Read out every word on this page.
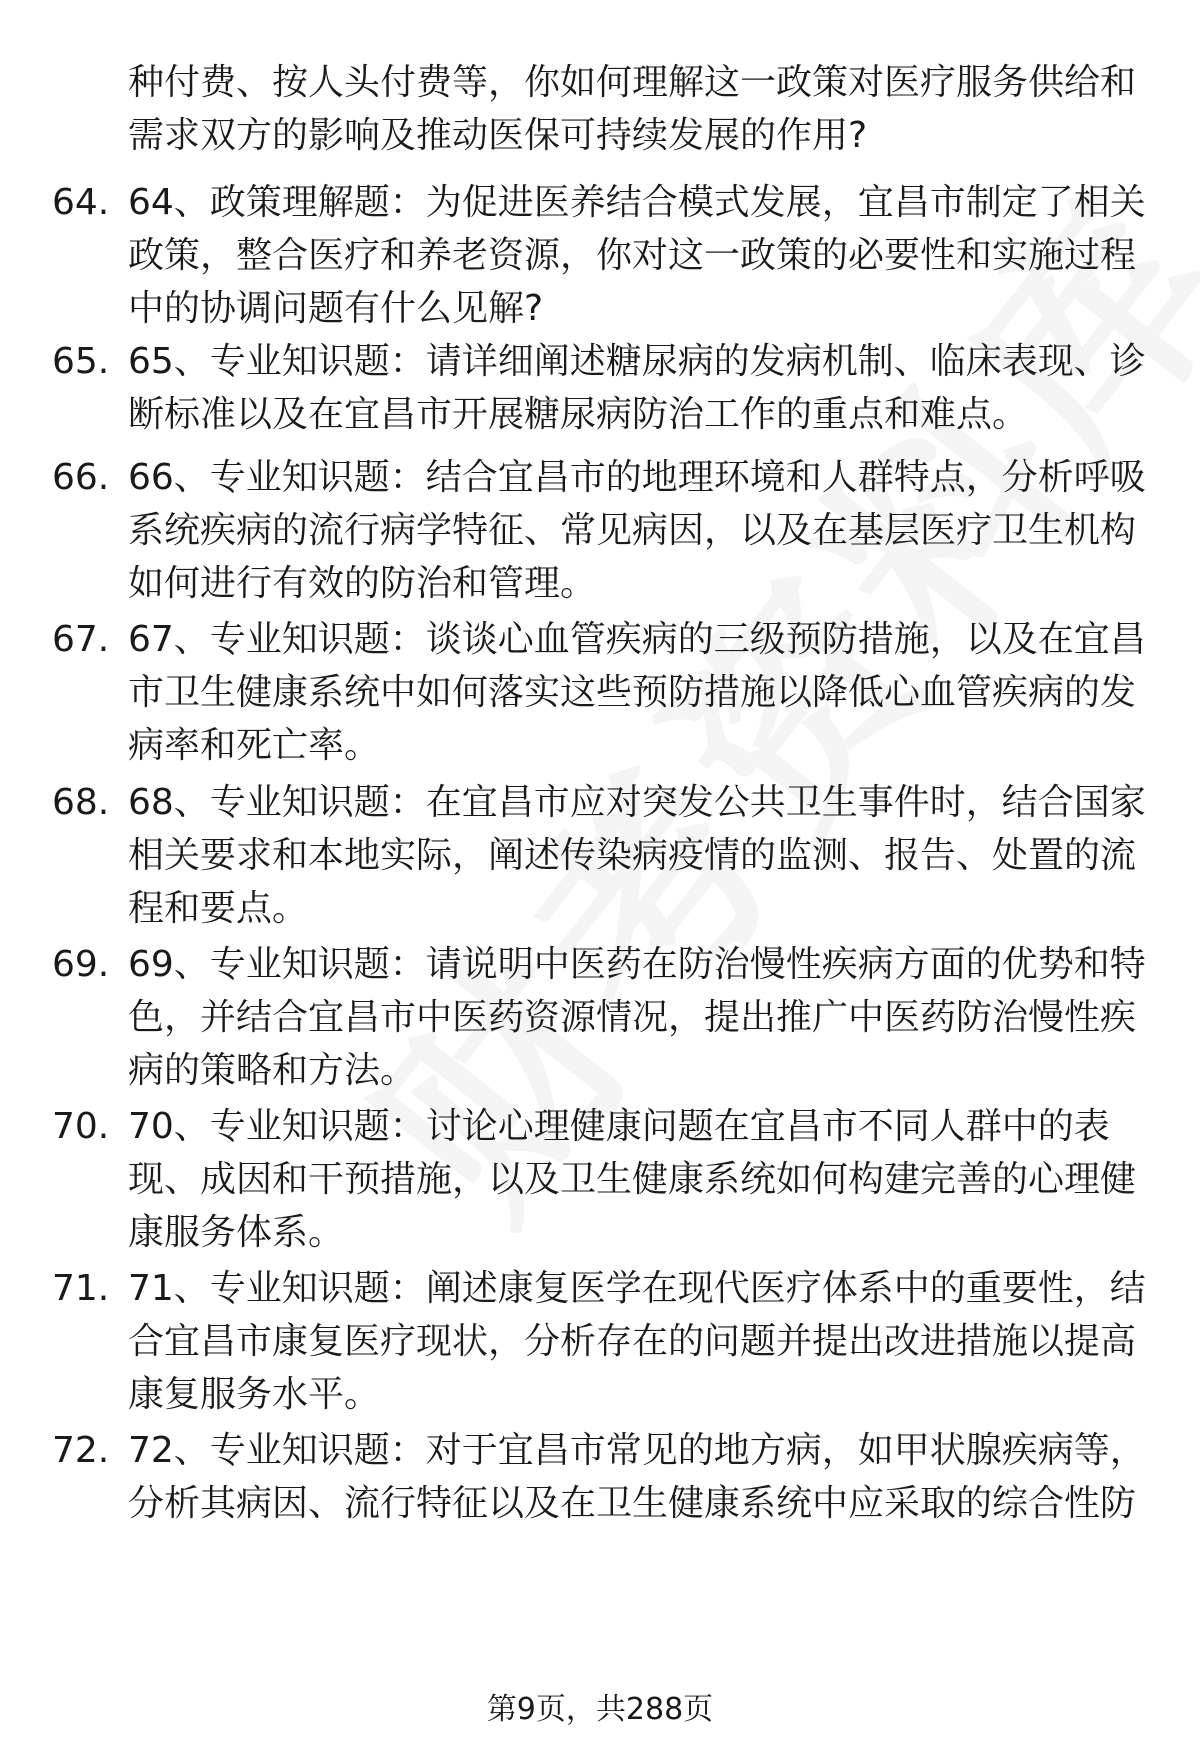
种付费、按人头付费等，你如何理解这一政策对医疗服务供给和
需求双方的影响及推动医保可持续发展的作用?
64. 64、政策理解题：为促进医养结合模式发展，宜昌市制定了相关
政策，整合医疗和养老资源，你对这一政策的必要性和实施过程
中的协调问题有什么见解?
65. 65、专业知识题：请详细阐述糖尿病的发病机制、临床表现、诊
断标准以及在宜昌市开展糖尿病防治工作的重点和难点。
66. 66、专业知识题：结合宜昌市的地理环境和人群特点，分析呼吸
系统疾病的流行病学特征、常见病因，以及在基层医疗卫生机构
如何进行有效的防治和管理。
67. 67、专业知识题：谈谈心血管疾病的三级预防措施，以及在宜昌
市卫生健康系统中如何落实这些预防措施以降低心血管疾病的发
病率和死亡率。
68. 68、专业知识题：在宜昌市应对突发公共卫生事件时，结合国家
相关要求和本地实际，阐述传染病疫情的监测、报告、处置的流
程和要点。
69. 69、专业知识题：请说明中医药在防治慢性疾病方面的优势和特
色，并结合宜昌市中医药资源情况，提出推广中医药防治慢性疾
病的策略和方法。
70. 70、专业知识题：讨论心理健康问题在宜昌市不同人群中的表
现、成因和干预措施，以及卫生健康系统如何构建完善的心理健
康服务体系。
71. 71、专业知识题：阐述康复医学在现代医疗体系中的重要性，结
合宜昌市康复医疗现状，分析存在的问题并提出改进措施以提高
康复服务水平。
72. 72、专业知识题：对于宜昌市常见的地方病，如甲状腺疾病等，
分析其病因、流行特征以及在卫生健康系统中应采取的综合性防
第9页，共288页
